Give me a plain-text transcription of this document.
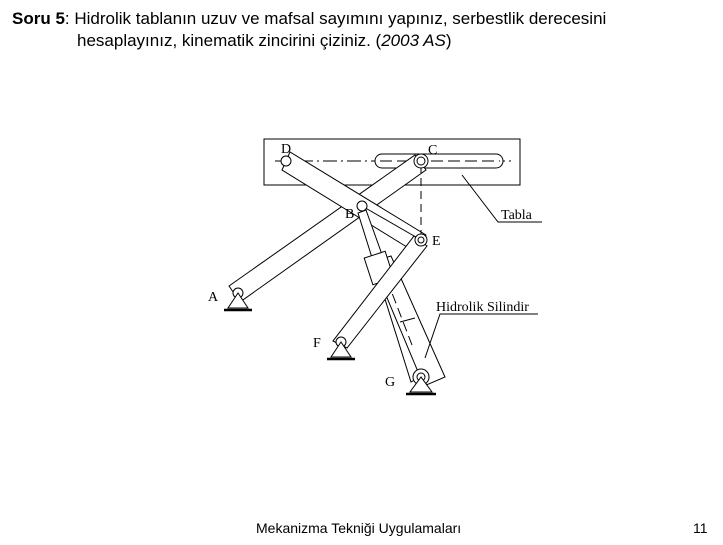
Soru 5: Hidrolik tablanın uzuv ve mafsal sayımını yapınız, serbestlik derecesini
hesaplayınız, kinematik zincirini çiziniz. (2003 AS)
D	C
B
E
A
F
G
Tabla
Hidrolik Silindir
Mekanizma Tekniği Uygulamaları	11
